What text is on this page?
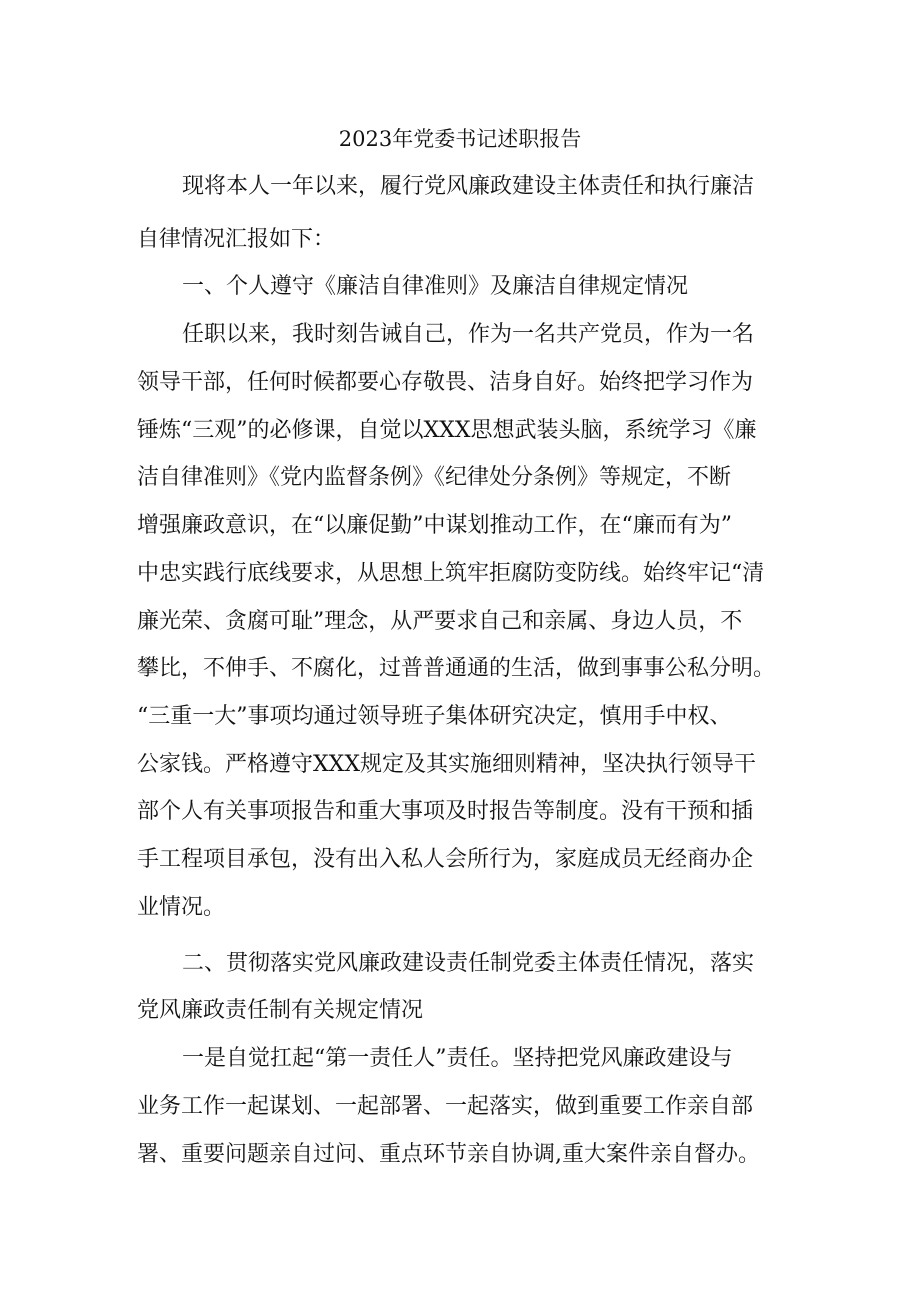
2023年党委书记述职报告
现将本人一年以来，履行党风廉政建设主体责任和执行廉洁
自律情况汇报如下：
一、个人遵守《廉洁自律准则》及廉洁自律规定情况
任职以来，我时刻告诫自己，作为一名共产党员，作为一名
领导干部，任何时候都要心存敬畏、洁身自好。始终把学习作为
锤炼“三观”的必修课，自觉以XXX思想武装头脑，系统学习《廉
洁自律准则》《党内监督条例》《纪律处分条例》等规定，不断
增强廉政意识，在“以廉促勤”中谋划推动工作，在“廉而有为”
中忠实践行底线要求，从思想上筑牢拒腐防变防线。始终牢记“清
廉光荣、贪腐可耻”理念，从严要求自己和亲属、身边人员，不
攀比，不伸手、不腐化，过普普通通的生活，做到事事公私分明。
“三重一大”事项均通过领导班子集体研究决定，慎用手中权、
公家钱。严格遵守XXX规定及其实施细则精神，坚决执行领导干
部个人有关事项报告和重大事项及时报告等制度。没有干预和插
手工程项目承包，没有出入私人会所行为，家庭成员无经商办企
业情况。
二、贯彻落实党风廉政建设责任制党委主体责任情况，落实
党风廉政责任制有关规定情况
一是自觉扛起“第一责任人”责任。坚持把党风廉政建设与
业务工作一起谋划、一起部署、一起落实，做到重要工作亲自部
署、重要问题亲自过问、重点环节亲自协调,重大案件亲自督办。
